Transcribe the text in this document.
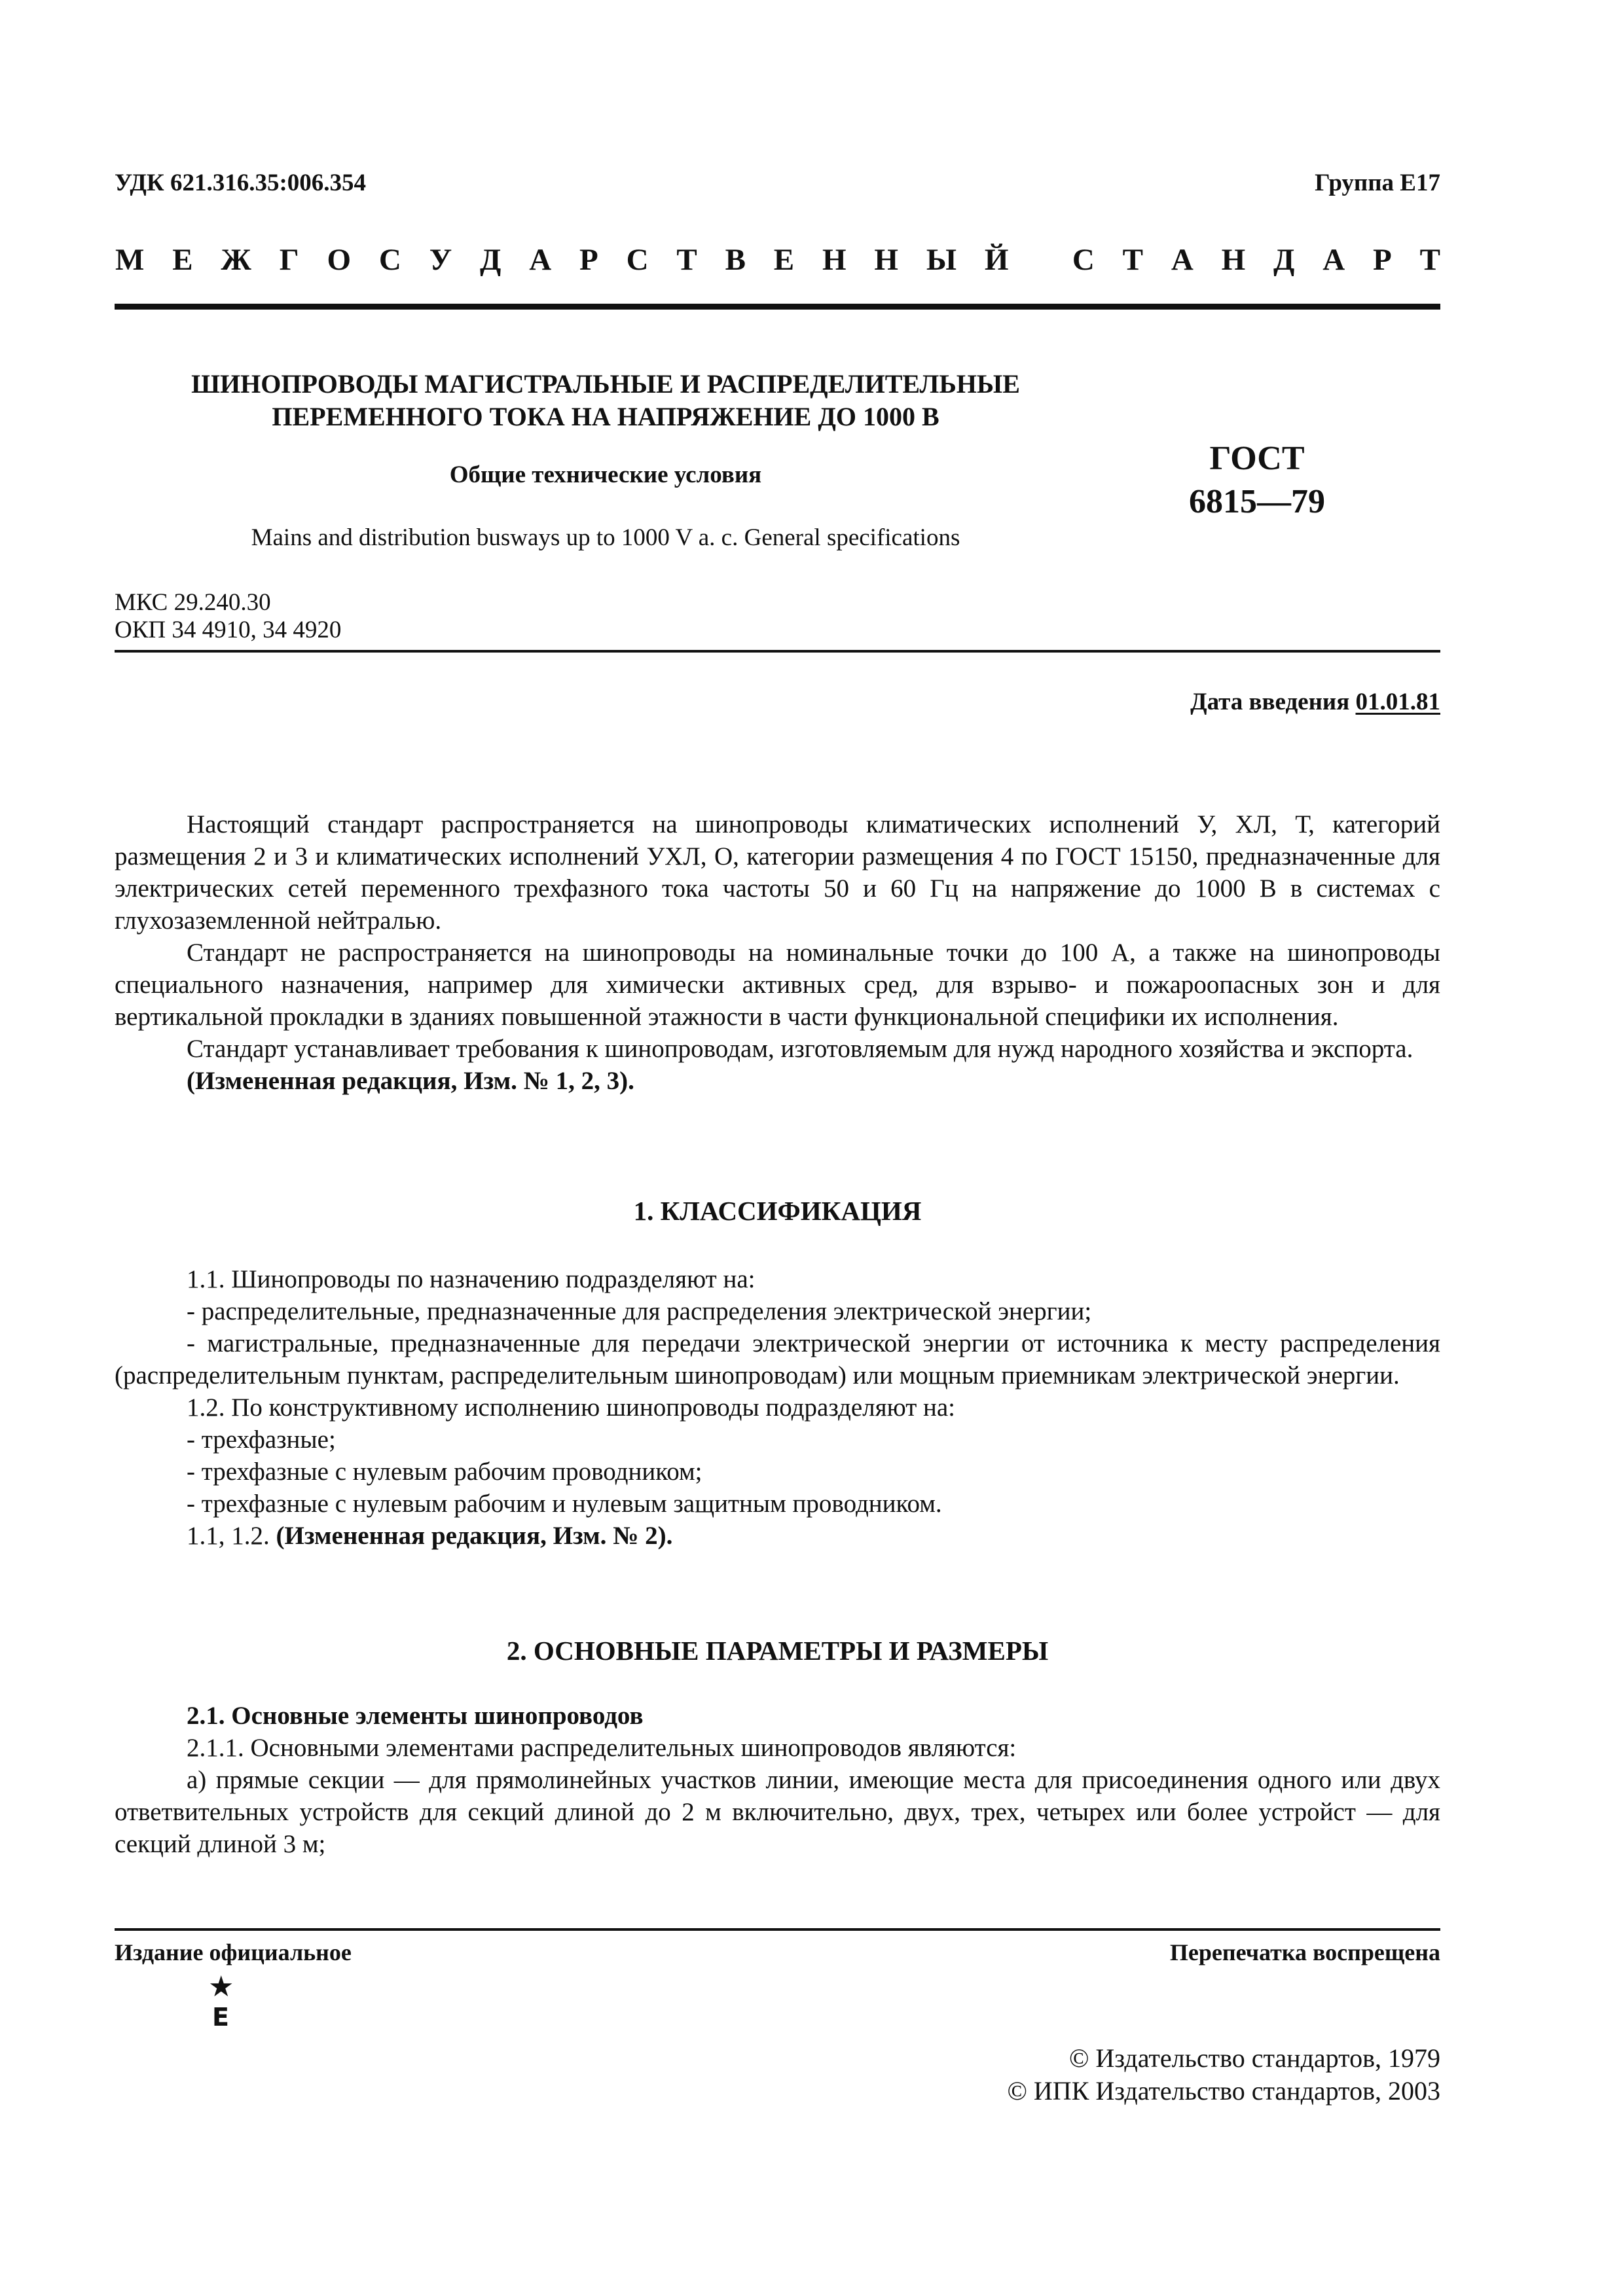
УДК 621.316.35:006.354	Группа Е17
М Е Ж Г О С У Д А Р С Т В Е Н Н Ы Й
С Т А Н Д А Р Т
ШИНОПРОВОДЫ МАГИСТРАЛЬНЫЕ И РАСПРЕДЕЛИТЕЛЬНЫЕ
ПЕРЕМЕННОГО ТОКА НА НАПРЯЖЕНИЕ ДО 1000 В
Общие технические условия	ГОСТ
6815—79
Mains and distribution busways up to 1000 V a. c. General specifications
МКС 29.240.30
ОКП 34 4910, 34 4920
Дата введения 01.01.81

Настоящий стандарт распространяется на шинопроводы климатических исполнений У, ХЛ, Т, категорий размещения 2 и 3 и климатических исполнений УХЛ, О, категории размещения 4 по ГОСТ 15150, предназначенные для электрических сетей переменного трехфазного тока частоты 50 и 60 Гц на напряжение до 1000 В в системах с глухозаземленной нейтралью.

Стандарт не распространяется на шинопроводы на номинальные точки до 100 А, а также на шинопроводы специального назначения, например для химически активных сред, для взрыво- и пожароопасных зон и для вертикальной прокладки в зданиях повышенной этажности в части функциональной специфики их исполнения.

Стандарт устанавливает требования к шинопроводам, изготовляемым для нужд народного хозяйства и экспорта.

(Измененная редакция, Изм. № 1, 2, 3).

1. КЛАССИФИКАЦИЯ

1.1. Шинопроводы по назначению подразделяют на:

- распределительные, предназначенные для распределения электрической энергии;

- магистральные, предназначенные для передачи электрической энергии от источника к месту распределения (распределительным пунктам, распределительным шинопроводам) или мощным приемникам электрической энергии.

1.2. По конструктивному исполнению шинопроводы подразделяют на:

- трехфазные;

- трехфазные с нулевым рабочим проводником;

- трехфазные с нулевым рабочим и нулевым защитным проводником.

1.1, 1.2. (Измененная редакция, Изм. № 2).

2. ОСНОВНЫЕ ПАРАМЕТРЫ И РАЗМЕРЫ

2.1. Основные элементы шинопроводов

2.1.1. Основными элементами распределительных шинопроводов являются:

а) прямые секции — для прямолинейных участков линии, имеющие места для присоединения одного или двух ответвительных устройств для секций длиной до 2 м включительно, двух, трех, четырех или более устройст — для секций длиной 3 м;

Издание официальное	Перепечатка воспрещена
★
Е
© Издательство стандартов, 1979
© ИПК Издательство стандартов, 2003
